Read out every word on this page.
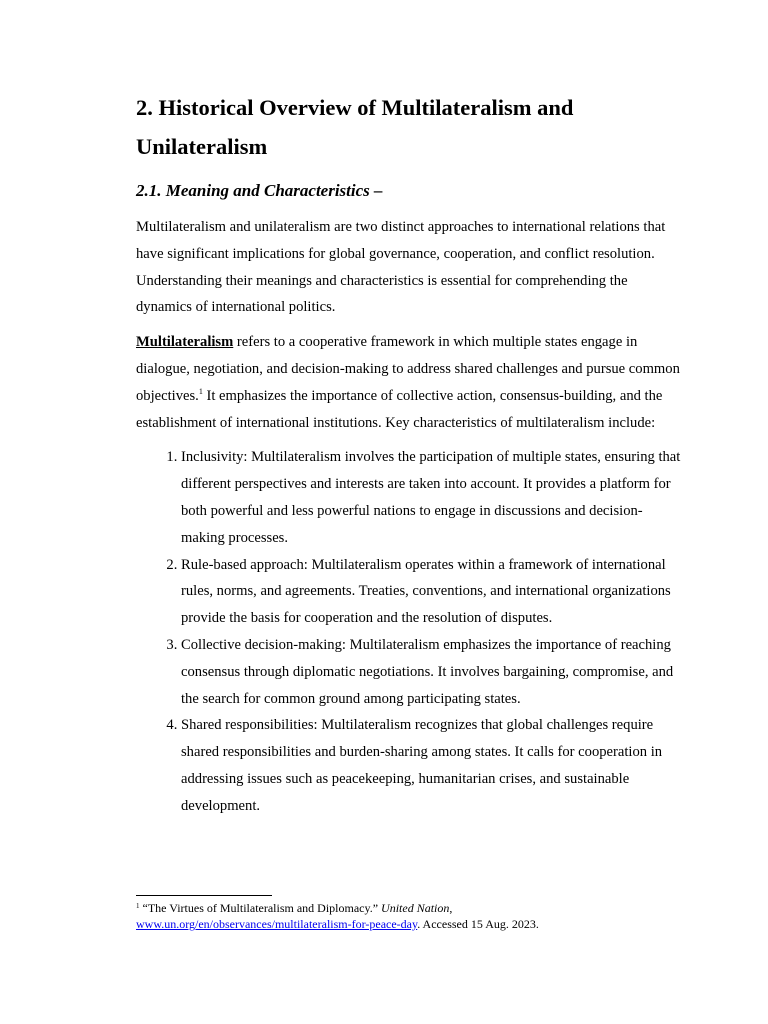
2. Historical Overview of Multilateralism and Unilateralism
2.1. Meaning and Characteristics –

Multilateralism and unilateralism are two distinct approaches to international relations that have significant implications for global governance, cooperation, and conflict resolution. Understanding their meanings and characteristics is essential for comprehending the dynamics of international politics.

Multilateralism refers to a cooperative framework in which multiple states engage in dialogue, negotiation, and decision-making to address shared challenges and pursue common objectives.$^1$ It emphasizes the importance of collective action, consensus-building, and the establishment of international institutions. Key characteristics of multilateralism include:

1. Inclusivity: Multilateralism involves the participation of multiple states, ensuring that different perspectives and interests are taken into account. It provides a platform for both powerful and less powerful nations to engage in discussions and decision-making processes.
2. Rule-based approach: Multilateralism operates within a framework of international rules, norms, and agreements. Treaties, conventions, and international organizations provide the basis for cooperation and the resolution of disputes.
3. Collective decision-making: Multilateralism emphasizes the importance of reaching consensus through diplomatic negotiations. It involves bargaining, compromise, and the search for common ground among participating states.
4. Shared responsibilities: Multilateralism recognizes that global challenges require shared responsibilities and burden-sharing among states. It calls for cooperation in addressing issues such as peacekeeping, humanitarian crises, and sustainable development.
$^1$ “The Virtues of Multilateralism and Diplomacy.” United Nation,
www.un.org/en/observances/multilateralism-for-peace-day. Accessed 15 Aug. 2023.
